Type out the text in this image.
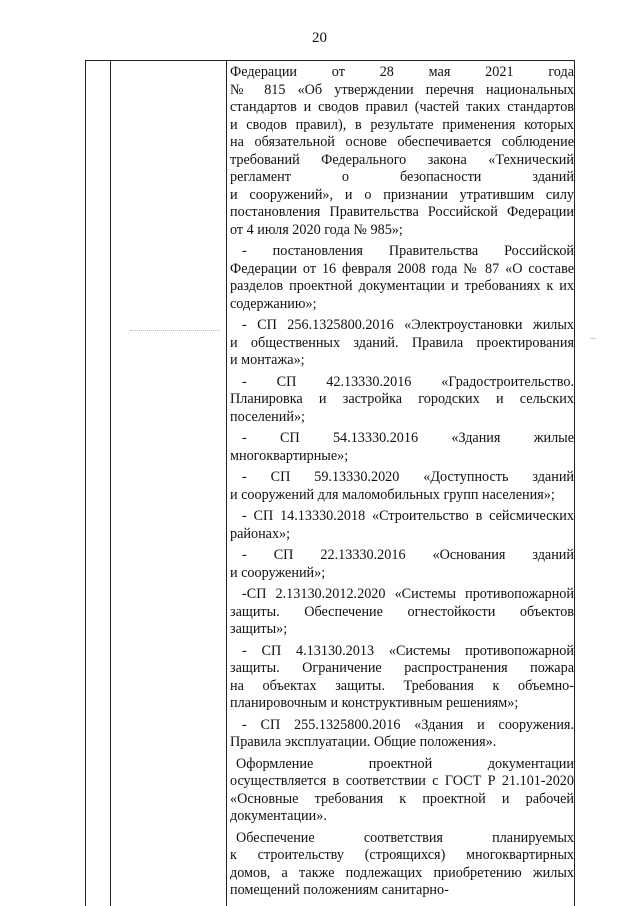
20
Федерации от 28 мая 2021 года
№ 815 «Об утверждении перечня национальных
стандартов и сводов правил (частей таких стандартов
и сводов правил), в результате применения которых
на обязательной основе обеспечивается соблюдение
требований Федерального закона «Технический
регламент о безопасности зданий
и сооружений», и о признании утратившим силу
постановления Правительства Российской Федерации
от 4 июля 2020 года № 985»;
- постановления Правительства Российской
Федерации от 16 февраля 2008 года № 87 «О составе
разделов проектной документации и требованиях к их
содержанию»;
- СП 256.1325800.2016 «Электроустановки жилых
и общественных зданий. Правила проектирования
и монтажа»;
- СП 42.13330.2016 «Градостроительство.
Планировка и застройка городских и сельских
поселений»;
- СП 54.13330.2016 «Здания жилые
многоквартирные»;
- СП 59.13330.2020 «Доступность зданий
и сооружений для маломобильных групп населения»;
- СП 14.13330.2018 «Строительство в сейсмических
районах»;
- СП 22.13330.2016 «Основания зданий
и сооружений»;
-СП 2.13130.2012.2020 «Системы противопожарной
защиты. Обеспечение огнестойкости объектов
защиты»;
- СП 4.13130.2013 «Системы противопожарной
защиты. Ограничение распространения пожара
на объектах защиты. Требования к объемно-
планировочным и конструктивным решениям»;
- СП 255.1325800.2016 «Здания и сооружения.
Правила эксплуатации. Общие положения».
Оформление проектной документации
осуществляется в соответствии с ГОСТ Р 21.101-2020
«Основные требования к проектной и рабочей
документации».
Обеспечение соответствия планируемых
к строительству (строящихся) многоквартирных
домов, а также подлежащих приобретению жилых
помещений положениям санитарно-
